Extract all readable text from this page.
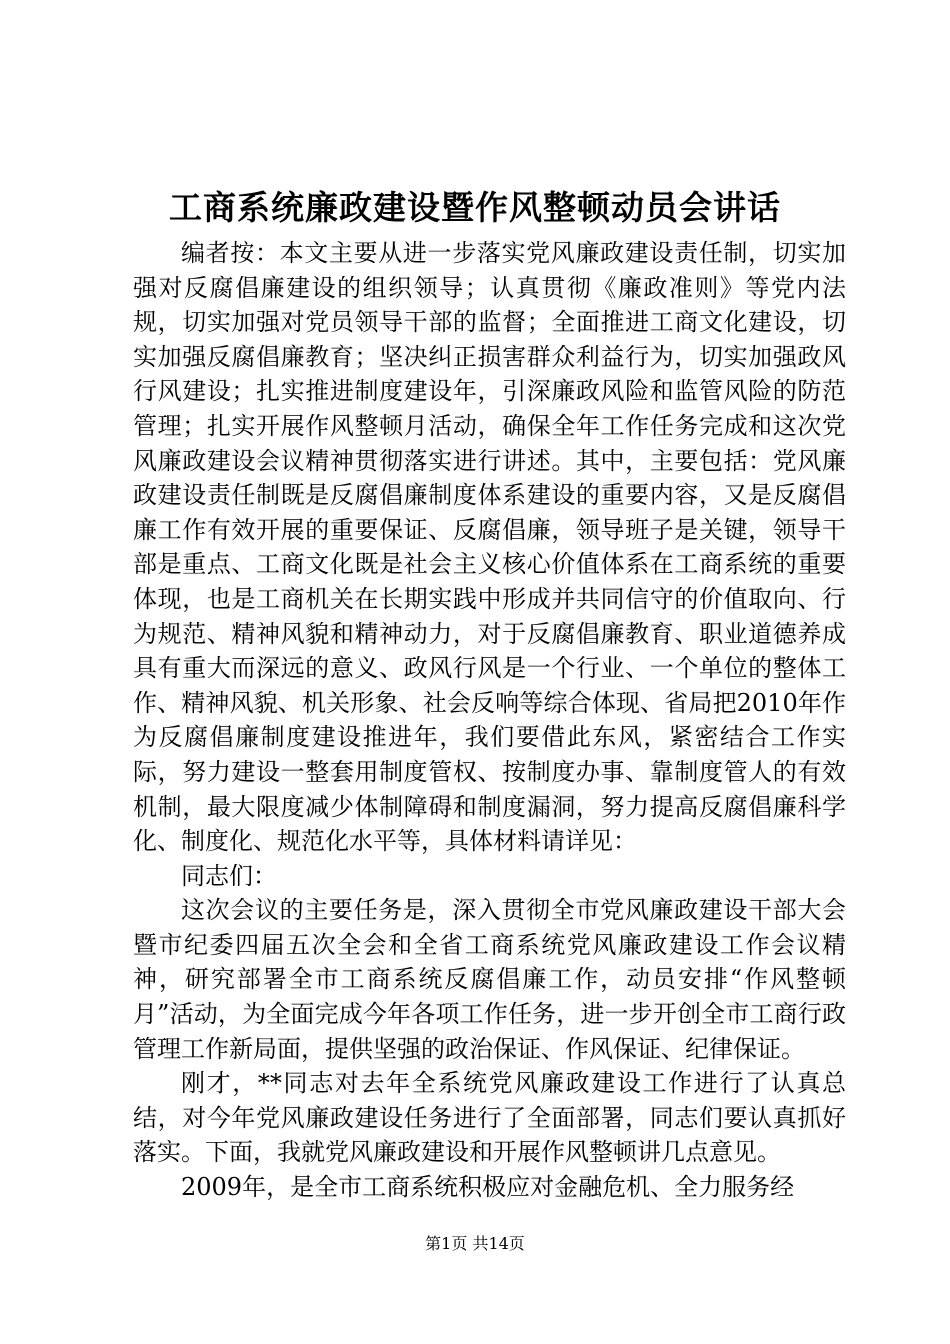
工商系统廉政建设暨作风整顿动员会讲话

编者按：本文主要从进一步落实党风廉政建设责任制，切实加强对反腐倡廉建设的组织领导；认真贯彻《廉政准则》等党内法规，切实加强对党员领导干部的监督；全面推进工商文化建设，切实加强反腐倡廉教育；坚决纠正损害群众利益行为，切实加强政风行风建设；扎实推进制度建设年，引深廉政风险和监管风险的防范管理；扎实开展作风整顿月活动，确保全年工作任务完成和这次党风廉政建设会议精神贯彻落实进行讲述。其中，主要包括：党风廉政建设责任制既是反腐倡廉制度体系建设的重要内容，又是反腐倡廉工作有效开展的重要保证、反腐倡廉，领导班子是关键，领导干部是重点、工商文化既是社会主义核心价值体系在工商系统的重要体现，也是工商机关在长期实践中形成并共同信守的价值取向、行为规范、精神风貌和精神动力，对于反腐倡廉教育、职业道德养成具有重大而深远的意义、政风行风是一个行业、一个单位的整体工作、精神风貌、机关形象、社会反响等综合体现、省局把2010年作为反腐倡廉制度建设推进年，我们要借此东风，紧密结合工作实际，努力建设一整套用制度管权、按制度办事、靠制度管人的有效机制，最大限度减少体制障碍和制度漏洞，努力提高反腐倡廉科学化、制度化、规范化水平等，具体材料请详见：

同志们：

这次会议的主要任务是，深入贯彻全市党风廉政建设干部大会暨市纪委四届五次全会和全省工商系统党风廉政建设工作会议精神，研究部署全市工商系统反腐倡廉工作，动员安排“作风整顿月”活动，为全面完成今年各项工作任务，进一步开创全市工商行政管理工作新局面，提供坚强的政治保证、作风保证、纪律保证。

刚才，**同志对去年全系统党风廉政建设工作进行了认真总结，对今年党风廉政建设任务进行了全面部署，同志们要认真抓好落实。下面，我就党风廉政建设和开展作风整顿讲几点意见。

2009年，是全市工商系统积极应对金融危机、全力服务经

第1页 共14页
